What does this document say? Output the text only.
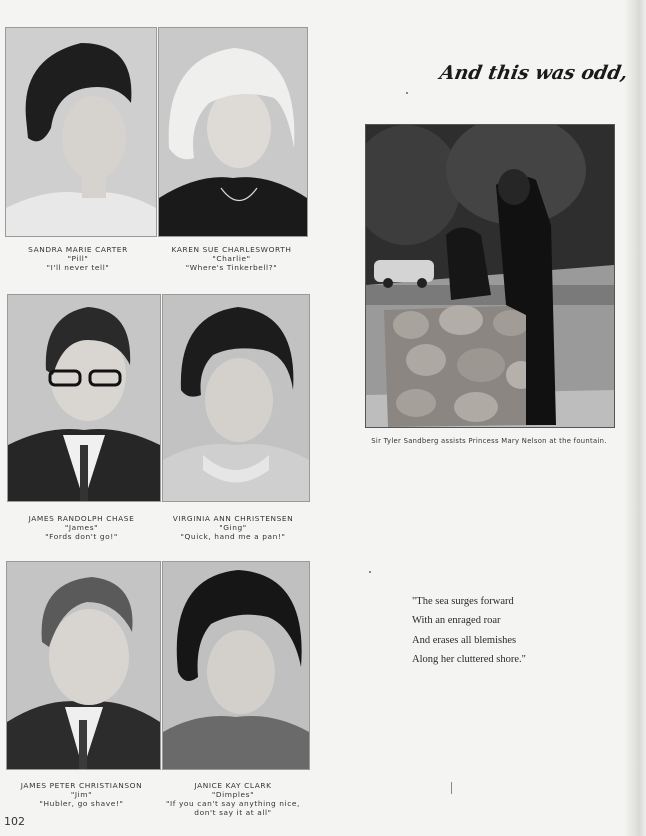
SANDRA MARIE CARTER
"Pill"
"I'll never tell"
KAREN SUE CHARLESWORTH
"Charlie"
"Where's Tinkerbell?"
JAMES RANDOLPH CHASE
"James"
"Fords don't go!"
VIRGINIA ANN CHRISTENSEN
"Ging"
"Quick, hand me a pan!"
JAMES PETER CHRISTIANSON
"Jim"
"Hubler, go shave!"
JANICE KAY CLARK
"Dimples"
"If you can't say anything nice, don't say it at all"
And this was odd,
Sir Tyler Sandberg assists Princess Mary Nelson at the fountain.
"The sea surges forward
With an enraged roar
And erases all blemishes
Along her cluttered shore."
102
